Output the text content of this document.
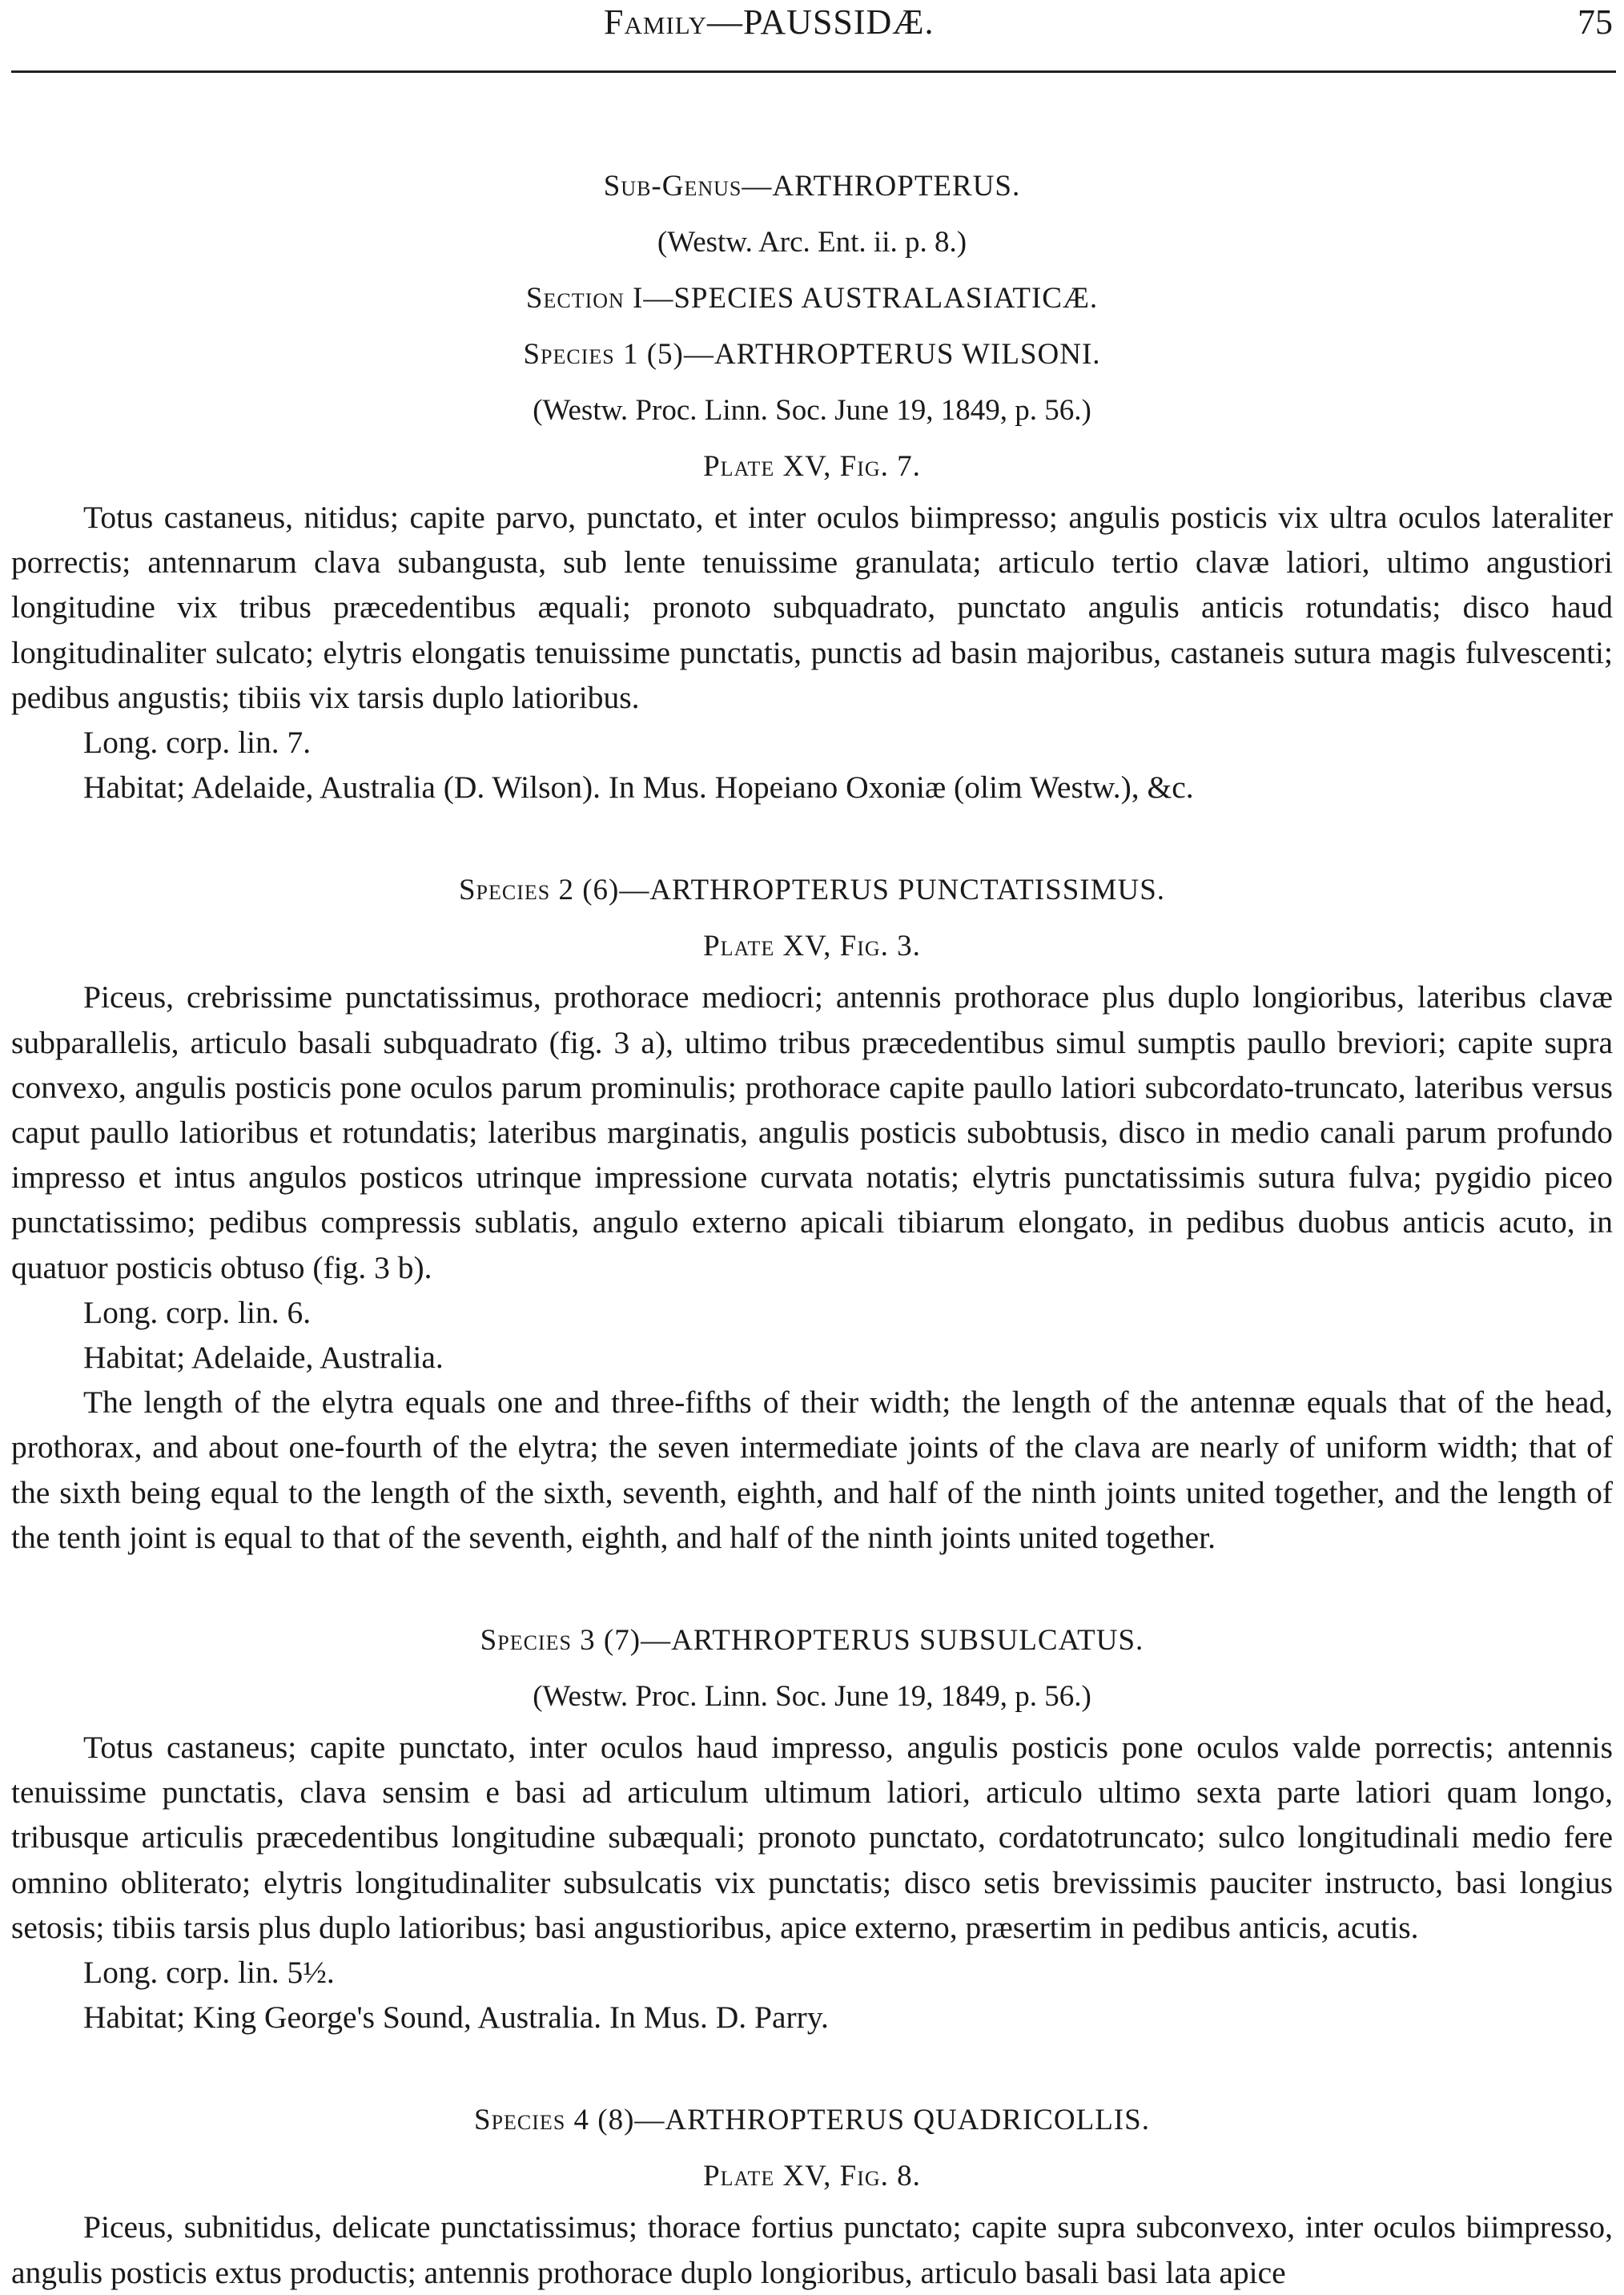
Family—PAUSSIDÆ.	75
Sub-Genus—ARTHROPTERUS.
(Westw. Arc. Ent. ii. p. 8.)
Section I—SPECIES AUSTRALASIATICÆ.
Species 1 (5)—ARTHROPTERUS WILSONI.
(Westw. Proc. Linn. Soc. June 19, 1849, p. 56.)
Plate XV, Fig. 7.

Totus castaneus, nitidus; capite parvo, punctato, et inter oculos biimpresso; angulis posticis vix ultra oculos lateraliter porrectis; antennarum clava subangusta, sub lente tenuissime granulata; articulo tertio clavæ latiori, ultimo angustiori longitudine vix tribus præcedentibus æquali; pronoto subquadrato, punctato angulis anticis rotundatis; disco haud longitudinaliter sulcato; elytris elongatis tenuissime punctatis, punctis ad basin majoribus, castaneis sutura magis fulvescenti; pedibus angustis; tibiis vix tarsis duplo latioribus.

Long. corp. lin. 7.

Habitat; Adelaide, Australia (D. Wilson). In Mus. Hopeiano Oxoniæ (olim Westw.), &c.

Species 2 (6)—ARTHROPTERUS PUNCTATISSIMUS.
Plate XV, Fig. 3.

Piceus, crebrissime punctatissimus, prothorace mediocri; antennis prothorace plus duplo longioribus, lateribus clavæ subparallelis, articulo basali subquadrato (fig. 3 a), ultimo tribus præcedentibus simul sumptis paullo breviori; capite supra convexo, angulis posticis pone oculos parum prominulis; prothorace capite paullo latiori subcordato-truncato, lateribus versus caput paullo latioribus et rotundatis; lateribus marginatis, angulis posticis subobtusis, disco in medio canali parum profundo impresso et intus angulos posticos utrinque impressione curvata notatis; elytris punctatissimis sutura fulva; pygidio piceo punctatissimo; pedibus compressis sublatis, angulo externo apicali tibiarum elongato, in pedibus duobus anticis acuto, in quatuor posticis obtuso (fig. 3 b).

Long. corp. lin. 6.

Habitat; Adelaide, Australia.

The length of the elytra equals one and three-fifths of their width; the length of the antennæ equals that of the head, prothorax, and about one-fourth of the elytra; the seven intermediate joints of the clava are nearly of uniform width; that of the sixth being equal to the length of the sixth, seventh, eighth, and half of the ninth joints united together, and the length of the tenth joint is equal to that of the seventh, eighth, and half of the ninth joints united together.

Species 3 (7)—ARTHROPTERUS SUBSULCATUS.
(Westw. Proc. Linn. Soc. June 19, 1849, p. 56.)

Totus castaneus; capite punctato, inter oculos haud impresso, angulis posticis pone oculos valde porrectis; antennis tenuissime punctatis, clava sensim e basi ad articulum ultimum latiori, articulo ultimo sexta parte latiori quam longo, tribusque articulis præcedentibus longitudine subæquali; pronoto punctato, cordatotruncato; sulco longitudinali medio fere omnino obliterato; elytris longitudinaliter subsulcatis vix punctatis; disco setis brevissimis pauciter instructo, basi longius setosis; tibiis tarsis plus duplo latioribus; basi angustioribus, apice externo, præsertim in pedibus anticis, acutis.

Long. corp. lin. 5½.

Habitat; King George's Sound, Australia. In Mus. D. Parry.

Species 4 (8)—ARTHROPTERUS QUADRICOLLIS.
Plate XV, Fig. 8.

Piceus, subnitidus, delicate punctatissimus; thorace fortius punctato; capite supra subconvexo, inter oculos biimpresso, angulis posticis extus productis; antennis prothorace duplo longioribus, articulo basali basi lata apice
